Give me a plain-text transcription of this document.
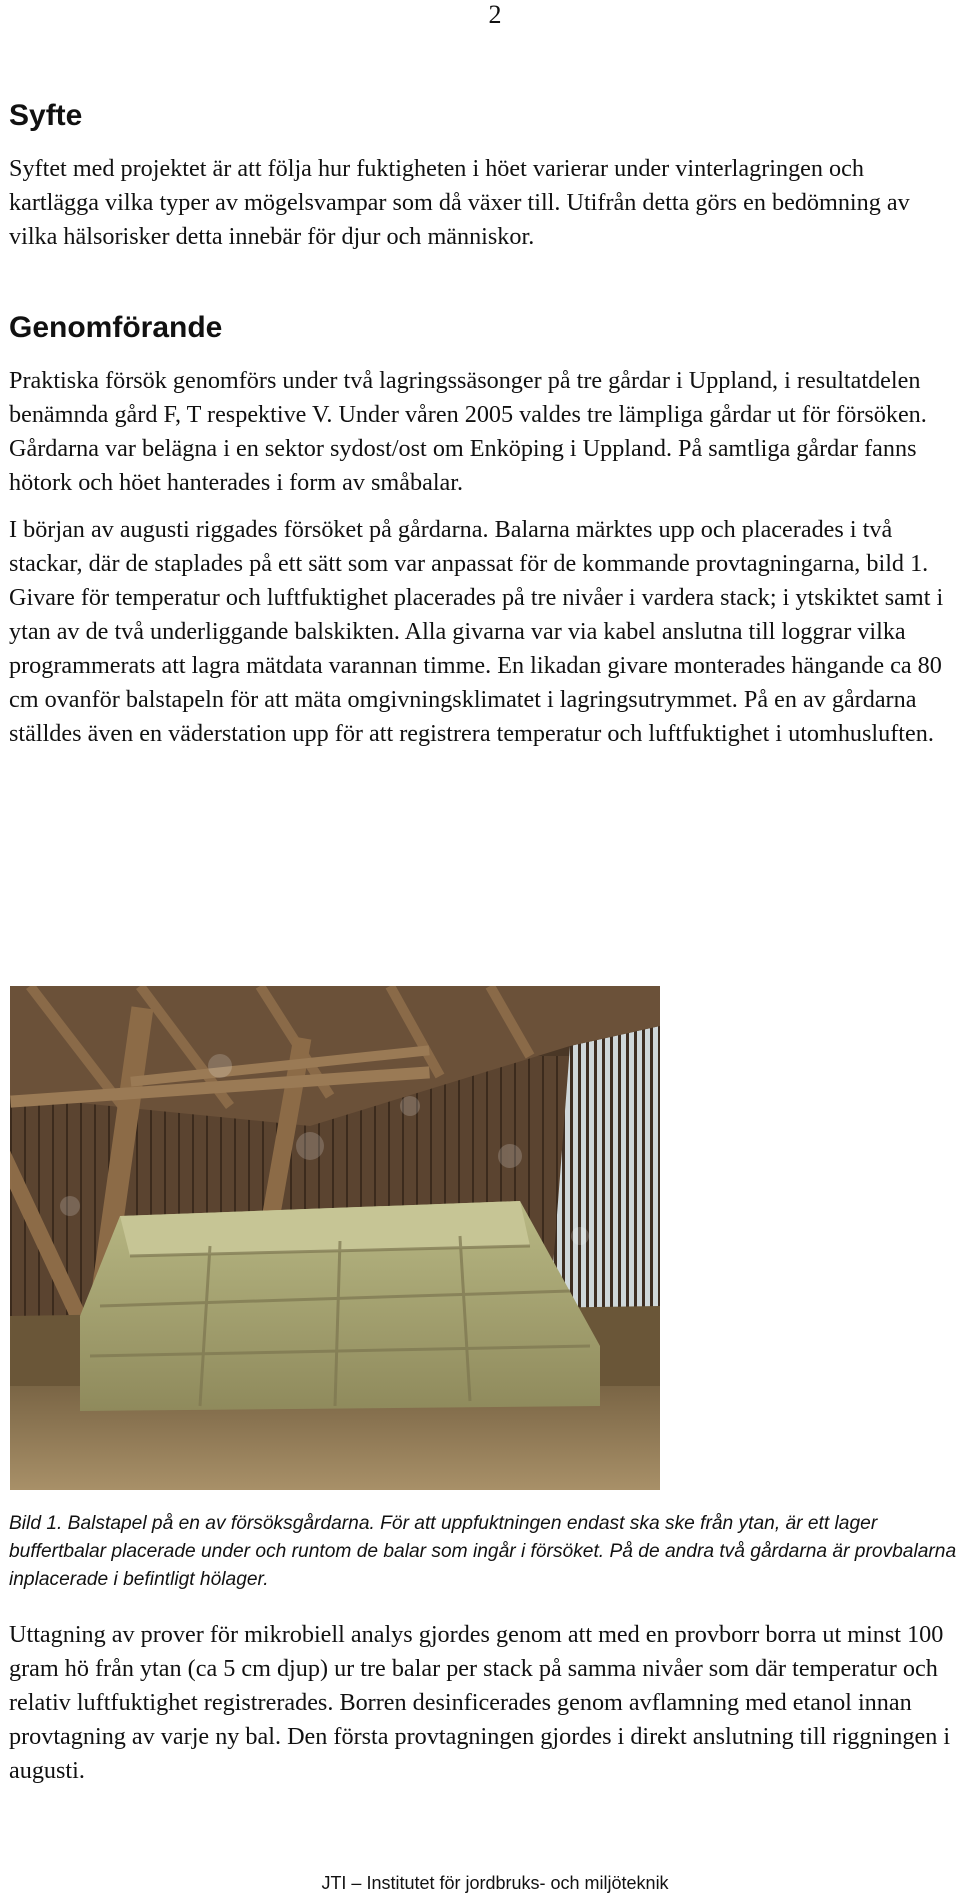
2
Syfte

Syftet med projektet är att följa hur fuktigheten i höet varierar under vinterlagringen och kartlägga vilka typer av mögelsvampar som då växer till. Utifrån detta görs en bedömning av vilka hälsorisker detta innebär för djur och människor.

Genomförande

Praktiska försök genomförs under två lagringssäsonger på tre gårdar i Uppland, i resultatdelen benämnda gård F, T respektive V. Under våren 2005 valdes tre lämpliga gårdar ut för försöken. Gårdarna var belägna i en sektor sydost/ost om Enköping i Uppland. På samtliga gårdar fanns hötork och höet hanterades i form av småbalar.

I början av augusti riggades försöket på gårdarna. Balarna märktes upp och placerades i två stackar, där de staplades på ett sätt som var anpassat för de kommande provtagningarna, bild 1. Givare för temperatur och luftfuktighet placerades på tre nivåer i vardera stack; i ytskiktet samt i ytan av de två underliggande balskikten. Alla givarna var via kabel anslutna till loggrar vilka programmerats att lagra mätdata varannan timme. En likadan givare monterades hängande ca 80 cm ovanför balstapeln för att mäta omgivningsklimatet i lagringsutrymmet. På en av gårdarna ställdes även en väderstation upp för att registrera temperatur och luftfuktighet i utomhusluften.

Bild 1. Balstapel på en av försöksgårdarna. För att uppfuktningen endast ska ske från ytan, är ett lager buffertbalar placerade under och runtom de balar som ingår i försöket. På de andra två gårdarna är provbalarna inplacerade i befintligt hölager.

Uttagning av prover för mikrobiell analys gjordes genom att med en provborr borra ut minst 100 gram hö från ytan (ca 5 cm djup) ur tre balar per stack på samma nivåer som där temperatur och relativ luftfuktighet registrerades. Borren desinficerades genom avflamning med etanol innan provtagning av varje ny bal. Den första provtagningen gjordes i direkt anslutning till riggningen i augusti.

JTI – Institutet för jordbruks- och miljöteknik
